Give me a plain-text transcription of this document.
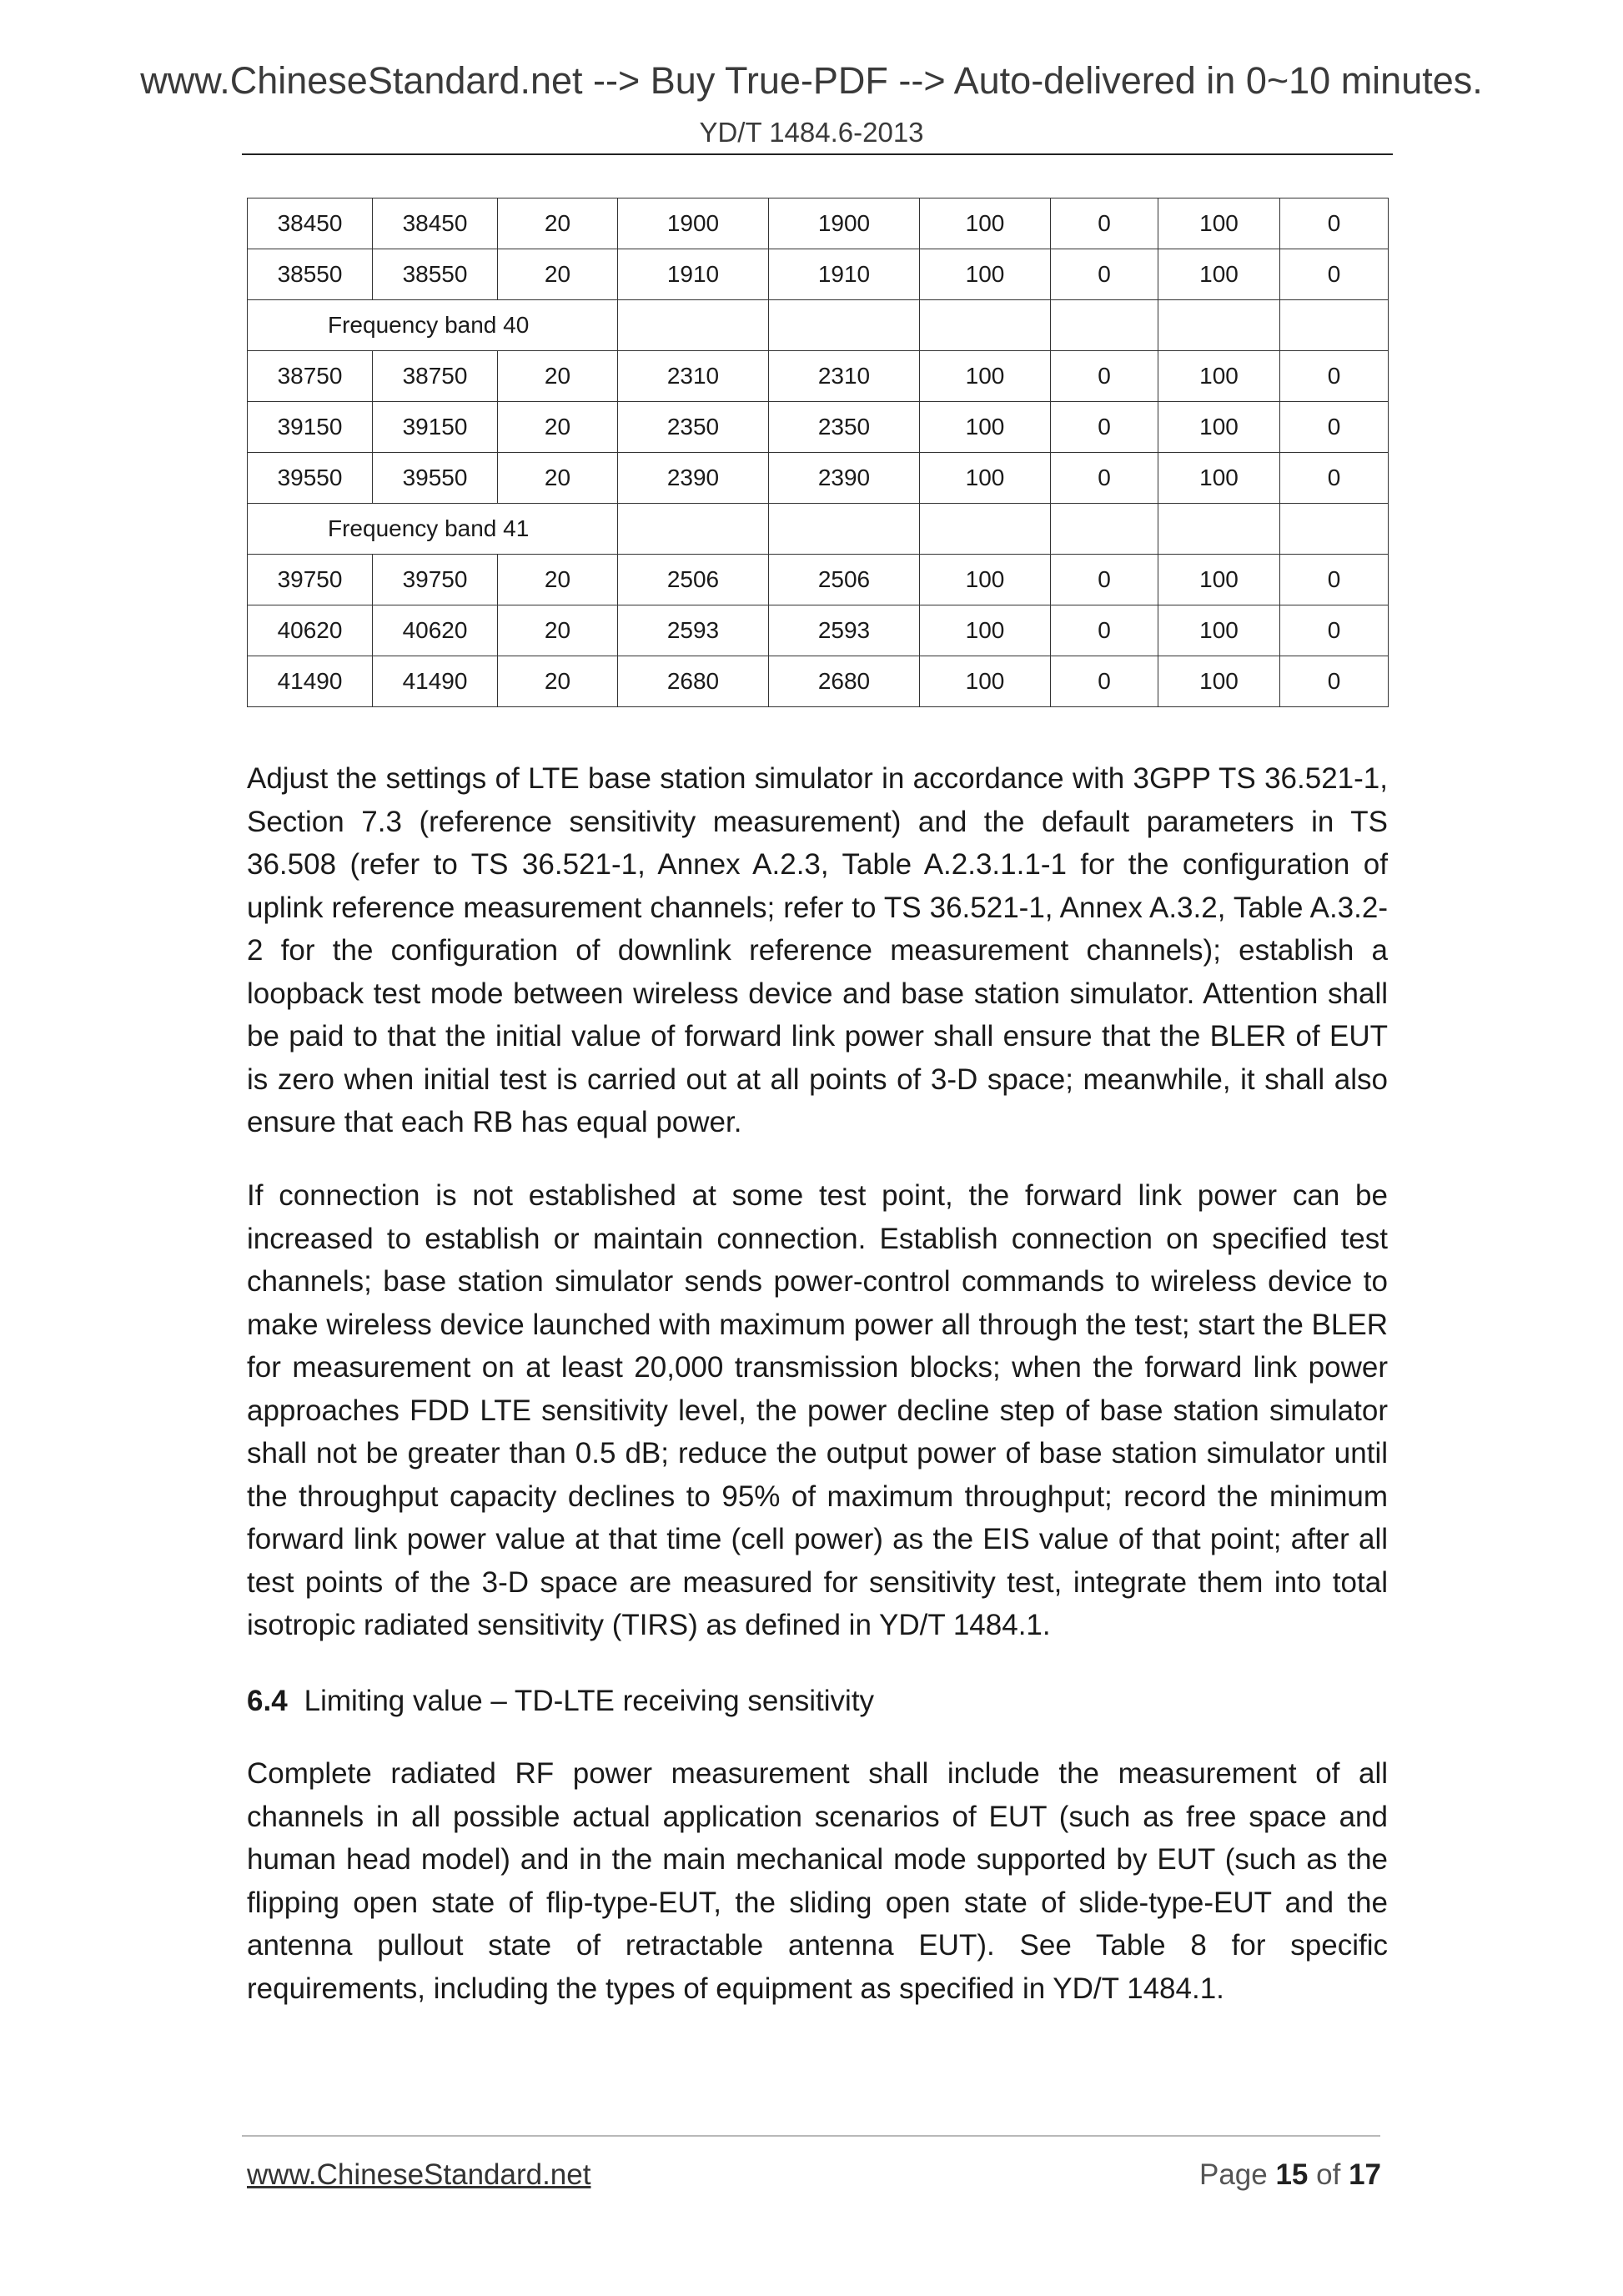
www.ChineseStandard.net --> Buy True-PDF --> Auto-delivered in 0~10 minutes.
YD/T 1484.6-2013
38450	38450	20	1900	1900	100	0	100	0
38550	38550	20	1910	1910	100	0	100	0
Frequency band 40								
38750	38750	20	2310	2310	100	0	100	0
39150	39150	20	2350	2350	100	0	100	0
39550	39550	20	2390	2390	100	0	100	0
Frequency band 41								
39750	39750	20	2506	2506	100	0	100	0
40620	40620	20	2593	2593	100	0	100	0
41490	41490	20	2680	2680	100	0	100	0
Adjust the settings of LTE base station simulator in accordance with 3GPP TS 36.521-1, Section 7.3 (reference sensitivity measurement) and the default parameters in TS 36.508 (refer to TS 36.521-1, Annex A.2.3, Table A.2.3.1.1-1 for the configuration of uplink reference measurement channels; refer to TS 36.521-1, Annex A.3.2, Table A.3.2-2 for the configuration of downlink reference measurement channels); establish a loopback test mode between wireless device and base station simulator. Attention shall be paid to that the initial value of forward link power shall ensure that the BLER of EUT is zero when initial test is carried out at all points of 3-D space; meanwhile, it shall also ensure that each RB has equal power.
If connection is not established at some test point, the forward link power can be increased to establish or maintain connection. Establish connection on specified test channels; base station simulator sends power-control commands to wireless device to make wireless device launched with maximum power all through the test; start the BLER for measurement on at least 20,000 transmission blocks; when the forward link power approaches FDD LTE sensitivity level, the power decline step of base station simulator shall not be greater than 0.5 dB; reduce the output power of base station simulator until the throughput capacity declines to 95% of maximum throughput; record the minimum forward link power value at that time (cell power) as the EIS value of that point; after all test points of the 3-D space are measured for sensitivity test, integrate them into total isotropic radiated sensitivity (TIRS) as defined in YD/T 1484.1.
6.4 Limiting value – TD-LTE receiving sensitivity
Complete radiated RF power measurement shall include the measurement of all channels in all possible actual application scenarios of EUT (such as free space and human head model) and in the main mechanical mode supported by EUT (such as the flipping open state of flip-type-EUT, the sliding open state of slide-type-EUT and the antenna pullout state of retractable antenna EUT). See Table 8 for specific requirements, including the types of equipment as specified in YD/T 1484.1.
www.ChineseStandard.net	Page 15 of 17
